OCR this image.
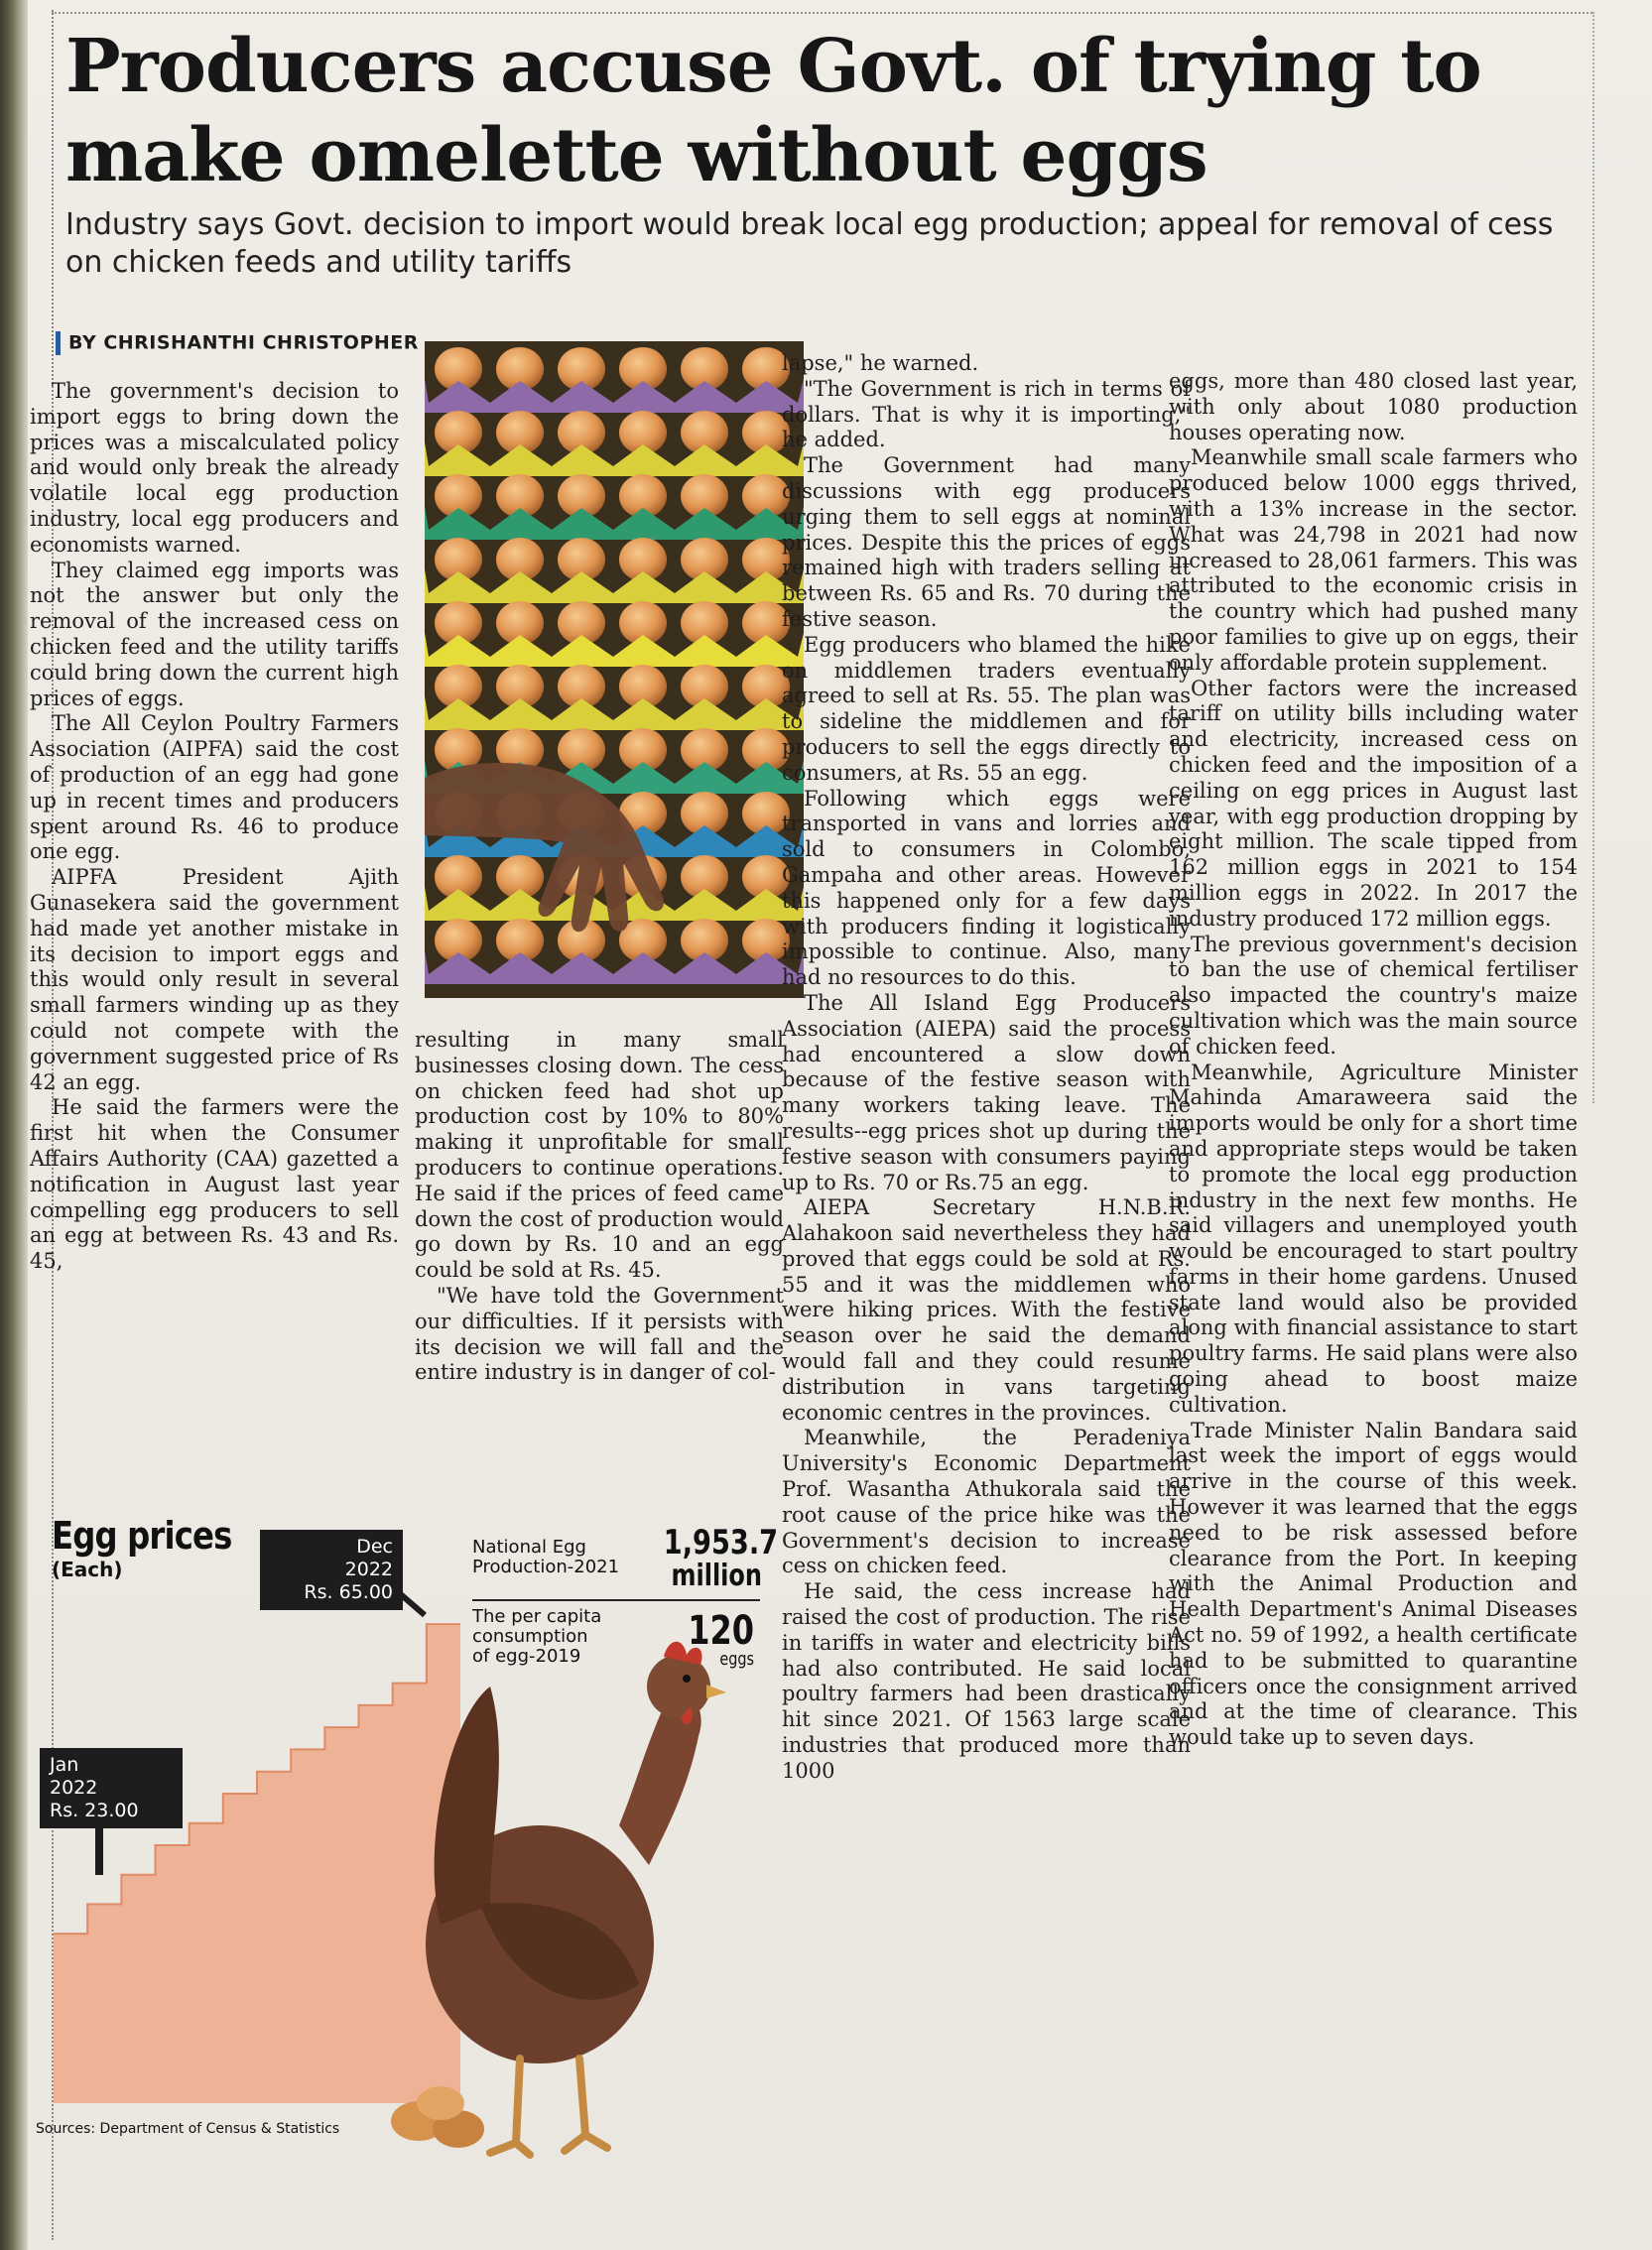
Producers accuse Govt. of trying to
make omelette without eggs

Industry says Govt. decision to import would break local egg production; appeal for removal of cess on chicken feeds and utility tariffs

BY CHRISHANTHI CHRISTOPHER

The government's decision to import eggs to bring down the prices was a miscalculated policy and would only break the already volatile local egg production industry, local egg producers and economists warned.

They claimed egg imports was not the answer but only the removal of the increased cess on chicken feed and the utility tariffs could bring down the current high prices of eggs.

The All Ceylon Poultry Farmers Association (AIPFA) said the cost of production of an egg had gone up in recent times and producers spent around Rs. 46 to produce one egg.

AIPFA President Ajith Gunasekera said the government had made yet another mistake in its decision to import eggs and this would only result in several small farmers winding up as they could not compete with the government suggested price of Rs 42 an egg.

He said the farmers were the first hit when the Consumer Affairs Authority (CAA) gazetted a notification in August last year compelling egg producers to sell an egg at between Rs. 43 and Rs. 45,

resulting in many small businesses closing down. The cess on chicken feed had shot up production cost by 10% to 80% making it unprofitable for small producers to continue operations. He said if the prices of feed came down the cost of production would go down by Rs. 10 and an egg could be sold at Rs. 45.

"We have told the Government our difficulties. If it persists with its decision we will fall and the entire industry is in danger of col-

lapse," he warned.

"The Government is rich in terms of dollars. That is why it is importing," he added.

The Government had many discussions with egg producers urging them to sell eggs at nominal prices. Despite this the prices of eggs remained high with traders selling at between Rs. 65 and Rs. 70 during the festive season.

Egg producers who blamed the hike on middlemen traders eventually agreed to sell at Rs. 55. The plan was to sideline the middlemen and for producers to sell the eggs directly to consumers, at Rs. 55 an egg.

Following which eggs were transported in vans and lorries and sold to consumers in Colombo, Gampaha and other areas. However this happened only for a few days with producers finding it logistically impossible to continue. Also, many had no resources to do this.

The All Island Egg Producers Association (AIEPA) said the process had encountered a slow down because of the festive season with many workers taking leave. The results--egg prices shot up during the festive season with consumers paying up to Rs. 70 or Rs.75 an egg.

AIEPA Secretary H.N.B.R. Alahakoon said nevertheless they had proved that eggs could be sold at Rs. 55 and it was the middlemen who were hiking prices. With the festive season over he said the demand would fall and they could resume distribution in vans targeting economic centres in the provinces.

Meanwhile, the Peradeniya University's Economic Department Prof. Wasantha Athukorala said the root cause of the price hike was the Government's decision to increase cess on chicken feed.

He said, the cess increase had raised the cost of production. The rise in tariffs in water and electricity bills had also contributed. He said local poultry farmers had been drastically hit since 2021. Of 1563 large scale industries that produced more than 1000

eggs, more than 480 closed last year, with only about 1080 production houses operating now.

Meanwhile small scale farmers who produced below 1000 eggs thrived, with a 13% increase in the sector. What was 24,798 in 2021 had now increased to 28,061 farmers. This was attributed to the economic crisis in the country which had pushed many poor families to give up on eggs, their only affordable protein supplement.

Other factors were the increased tariff on utility bills including water and electricity, increased cess on chicken feed and the imposition of a ceiling on egg prices in August last year, with egg production dropping by eight million. The scale tipped from 162 million eggs in 2021 to 154 million eggs in 2022. In 2017 the industry produced 172 million eggs.

The previous government's decision to ban the use of chemical fertiliser also impacted the country's maize cultivation which was the main source of chicken feed.

Meanwhile, Agriculture Minister Mahinda Amaraweera said the imports would be only for a short time and appropriate steps would be taken to promote the local egg production industry in the next few months. He said villagers and unemployed youth would be encouraged to start poultry farms in their home gardens. Unused state land would also be provided along with financial assistance to start poultry farms. He said plans were also going ahead to boost maize cultivation.

Trade Minister Nalin Bandara said last week the import of eggs would arrive in the course of this week. However it was learned that the eggs need to be risk assessed before clearance from the Port. In keeping with the Animal Production and Health Department's Animal Diseases Act no. 59 of 1992, a health certificate had to be submitted to quarantine officers once the consignment arrived and at the time of clearance. This would take up to seven days.

Egg prices
(Each)
Dec
2022
Rs. 65.00
Jan
2022
Rs. 23.00
National Egg
Production-2021
1,953.7
million
The per capita
consumption
of egg-2019
120
eggs
Sources: Department of Census & Statistics
